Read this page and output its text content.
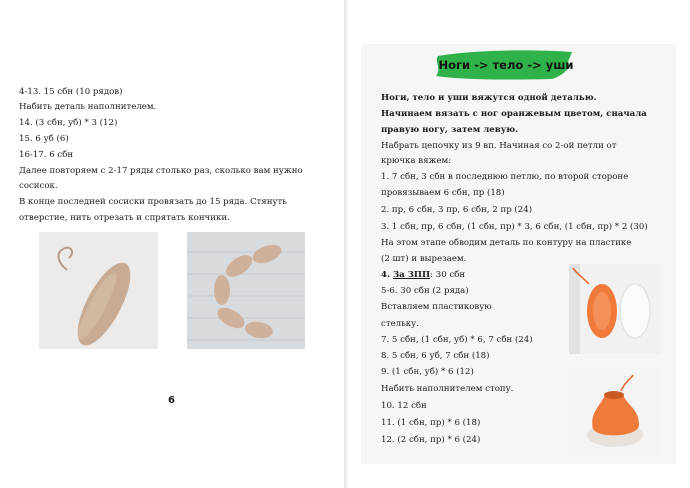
4-13. 15 сбн (10 рядов)

Набить деталь наполнителем.

14. (3 сбн, уб) * 3 (12)

15. 6 уб (6)

16-17. 6 сбн

Далее повторяем с 2-17 ряды столько раз, сколько вам нужно

сосисок.

В конце последней сосиски провязать до 15 ряда. Стянуть

отверстие, нить отрезать и спрятать кончики.

6
Ноги -> тело -> уши

Ноги, тело и уши вяжутся одной деталью.

Начинаем вязать с ног оранжевым цветом, сначала

правую ногу, затем левую.

Набрать цепочку из 9 вп. Начиная со 2-ой петли от

крючка вяжем:

1. 7 сбн, 3 сбн в последнюю петлю, по второй стороне

провязываем 6 сбн, пр (18)

2. пр, 6 сбн, 3 пр, 6 сбн, 2 пр (24)

3. 1 сбн, пр, 6 сбн, (1 сбн, пр) * 3, 6 сбн, (1 сбн, пр) * 2 (30)

На этом этапе обводим деталь по контуру на пластике

(2 шт) и вырезаем.

4. За ЗПП: 30 сбн

5-6. 30 сбн (2 ряда)

Вставляем пластиковую

стельку.

7. 5 сбн, (1 сбн, уб) * 6, 7 сбн (24)

8. 5 сбн, 6 уб, 7 сбн (18)

9. (1 сбн, уб) * 6 (12)

Набить наполнителем стопу.

10. 12 сбн

11. (1 сбн, пр) * 6 (18)

12. (2 сбн, пр) * 6 (24)
